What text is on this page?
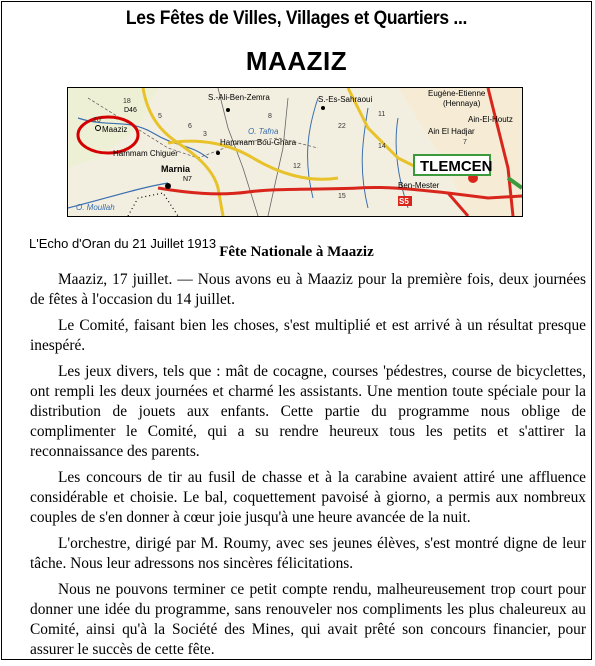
Les Fêtes de Villes, Villages et Quartiers ...
MAAZIZ
Maaziz
S.-Ali-Ben-Zemra	S.-Es-Sahraoui
Hammam Bou-Ghara
Hammam Chiguer
Marnia
Eugène-Etienne
(Hennaya)
Ain-El-Houtz
Ain El Hadjar
Ben-Mester
O. Moullah
O. Tafna
N7
D46
S5
TLEMCEN
18
5
6
3
10
12
22
14
7
15
8	11
L'Echo d'Oran du 21 Juillet 1913
Fête Nationale à Maaziz

Maaziz, 17 juillet. — Nous avons eu à Maaziz pour la première fois, deux journées de fêtes à l'occasion du 14 juillet.

Le Comité, faisant bien les choses, s'est multiplié et est arrivé à un résultat presque inespéré.

Les jeux divers, tels que : mât de cocagne, courses 'pédestres, course de bicyclettes, ont rempli les deux journées et charmé les assistants. Une mention toute spéciale pour la distribution de jouets aux enfants. Cette partie du programme nous oblige de complimenter le Comité, qui a su rendre heureux tous les petits et s'attirer la reconnaissance des parents.

Les concours de tir au fusil de chasse et à la carabine avaient attiré une affluence considérable et choisie. Le bal, coquettement pavoisé à giorno, a permis aux nombreux couples de s'en donner à cœur joie jusqu'à une heure avancée de la nuit.

L'orchestre, dirigé par M. Roumy, avec ses jeunes élèves, s'est montré digne de leur tâche. Nous leur adressons nos sincères félicitations.

Nous ne pouvons terminer ce petit compte rendu, malheureusement trop court pour donner une idée du programme, sans renouveler nos compliments les plus chaleureux au Comité, ainsi qu'à la Société des Mines, qui avait prêté son concours financier, pour assurer le succès de cette fête.
